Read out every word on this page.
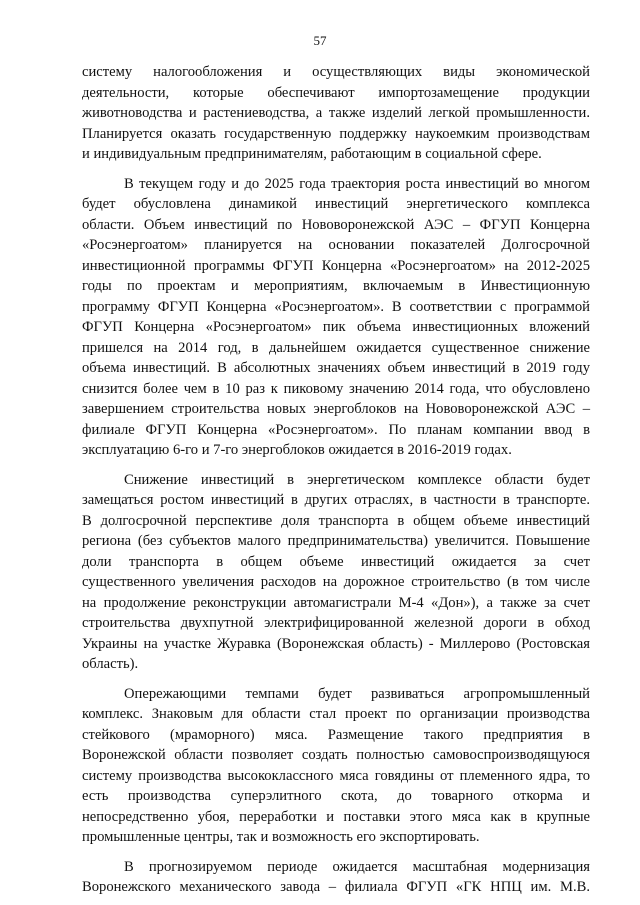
57
систему налогообложения и осуществляющих виды экономической
деятельности, которые обеспечивают импортозамещение продукции
животноводства и растениеводства, а также изделий легкой промышленности.
Планируется оказать государственную поддержку наукоемким производствам
и индивидуальным предпринимателям, работающим в социальной сфере.
В текущем году и до 2025 года траектория роста инвестиций во многом
будет обусловлена динамикой инвестиций энергетического комплекса
области. Объем инвестиций по Нововоронежской АЭС – ФГУП Концерна
«Росэнергоатом» планируется на основании показателей Долгосрочной
инвестиционной программы ФГУП Концерна «Росэнергоатом» на 2012-2025
годы по проектам и мероприятиям, включаемым в Инвестиционную
программу ФГУП Концерна «Росэнергоатом». В соответствии с программой
ФГУП Концерна «Росэнергоатом» пик объема инвестиционных вложений
пришелся на 2014 год, в дальнейшем ожидается существенное снижение
объема инвестиций. В абсолютных значениях объем инвестиций в 2019 году
снизится более чем в 10 раз к пиковому значению 2014 года, что обусловлено
завершением строительства новых энергоблоков на Нововоронежской АЭС –
филиале ФГУП Концерна «Росэнергоатом». По планам компании ввод в
эксплуатацию 6-го и 7-го энергоблоков ожидается в 2016-2019 годах.
Снижение инвестиций в энергетическом комплексе области будет
замещаться ростом инвестиций в других отраслях, в частности в транспорте.
В долгосрочной перспективе доля транспорта в общем объеме инвестиций
региона (без субъектов малого предпринимательства) увеличится. Повышение
доли транспорта в общем объеме инвестиций ожидается за счет
существенного увеличения расходов на дорожное строительство (в том числе
на продолжение реконструкции автомагистрали М-4 «Дон»), а также за счет
строительства двухпутной электрифицированной железной дороги в обход
Украины на участке Журавка (Воронежская область) - Миллерово (Ростовская
область).
Опережающими темпами будет развиваться агропромышленный
комплекс. Знаковым для области стал проект по организации производства
стейкового (мраморного) мяса. Размещение такого предприятия в
Воронежской области позволяет создать полностью самовоспроизводящуюся
систему производства высококлассного мяса говядины от племенного ядра, то
есть производства суперэлитного скота, до товарного откорма и
непосредственно убоя, переработки и поставки этого мяса как в крупные
промышленные центры, так и возможность его экспортировать.
В прогнозируемом периоде ожидается масштабная модернизация
Воронежского механического завода – филиала ФГУП «ГК НПЦ им. М.В.
